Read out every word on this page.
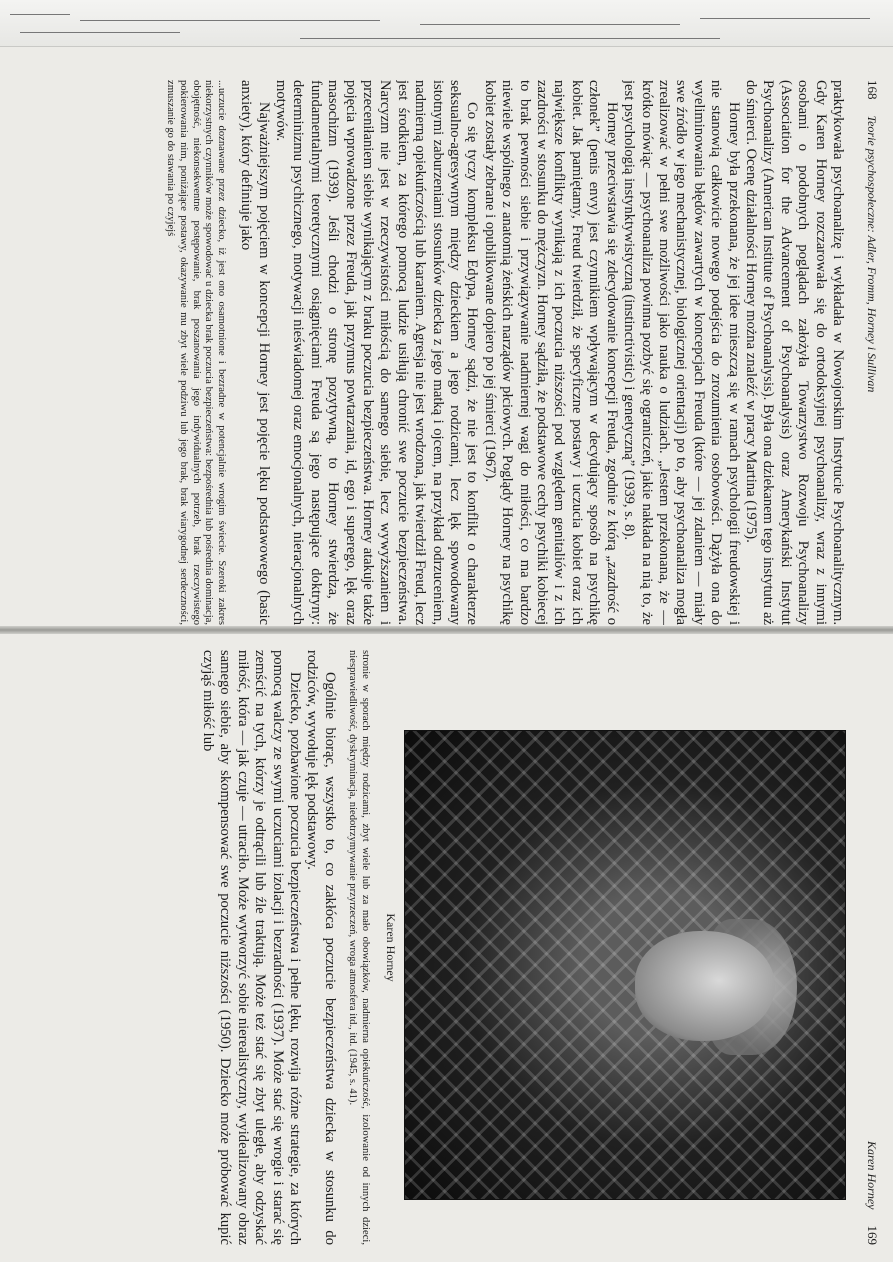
168
Teorie psychospołeczne: Adler, Fromm, Horney i Sullivan

praktykowała psychoanalizę i wykładała w Nowojorskim Instytucie Psychoanalitycznym. Gdy Karen Horney rozczarowała się do ortodoksyjnej psychoanalizy, wraz z innymi osobami o podobnych poglądach założyła Towarzystwo Rozwoju Psychoanalizy (Association for the Advancement of Psychoanalysis) oraz Amerykański Instytut Psychoanalizy (American Institute of Psychoanalysis). Była ona dziekanem tego instytutu aż do śmierci. Ocenę działalności Horney można znaleźć w pracy Martina (1975).

Horney była przekonana, że jej idee mieszczą się w ramach psychologii freudowskiej i nie stanowią całkowicie nowego podejścia do zrozumienia osobowości. Dążyła ona do wyeliminowania błędów zawartych w koncepcjach Freuda (które — jej zdaniem — miały swe źródło w jego mechanistycznej, biologicznej orientacji) po to, aby psychoanaliza mogła zrealizować w pełni swe możliwości jako nauka o ludziach. „Jestem przekonana, że — krótko mówiąc — psychoanaliza powinna pozbyć się ograniczeń, jakie nakłada na nią to, że jest psychologią instynktywistyczną (instinctivistic) i genetyczną” (1939, s. 8).

Horney przeciwstawia się zdecydowanie koncepcji Freuda, zgodnie z którą „zazdrość o członek” (penis envy) jest czynnikiem wpływającym w decydujący sposób na psychikę kobiet. Jak pamiętamy, Freud twierdził, że specyficzne postawy i uczucia kobiet oraz ich największe konflikty wynikają z ich poczucia niższości pod względem genitaliów i z ich zazdrości w stosunku do mężczyzn. Horney sądziła, że podstawowe cechy psychiki kobiecej to brak pewności siebie i przywiązywanie nadmiernej wagi do miłości, co ma bardzo niewiele wspólnego z anatomią żeńskich narządów płciowych. Poglądy Horney na psychikę kobiet zostały zebrane i opublikowane dopiero po jej śmierci (1967).

Co się tyczy kompleksu Edypa, Horney sądzi, że nie jest to konflikt o charakterze seksualno-agresywnym między dzieckiem a jego rodzicami, lecz lęk spowodowany istotnymi zaburzeniami stosunków dziecka z jego matką i ojcem, na przykład odrzuceniem, nadmierną opiekuńczością lub karaniem. Agresja nie jest wrodzona, jak twierdził Freud, lecz jest środkiem, za którego pomocą ludzie usiłują chronić swe poczucie bezpieczeństwa. Narcyzm nie jest w rzeczywistości miłością do samego siebie, lecz wywyższaniem i przeceniłaniem siebie wynikającym z braku poczucia bezpieczeństwa. Horney atakuje także pojęcia wprowadzone przez Freuda, jak przymus powtarzania, id, ego i superego, lęk oraz masochizm (1939). Jeśli chodzi o stronę pozytywną, to Horney stwierdza, że fundamentalnymi teoretycznymi osiągnięciami Freuda są jego następujące doktryny: determinizmu psychicznego, motywacji nieświadomej oraz emocjonalnych, nieracjonalnych motywów.

Najważniejszym pojęciem w koncepcji Horney jest pojęcie lęku podstawowego (basic anxiety), który definiuje jako

...uczucie doznawane przez dziecko, iż jest ono osamotnione i bezradne w potencjalnie wrogim świecie. Szeroki zakres niekorzystnych czynników może spowodować u dziecka brak poczucia bezpieczeństwa: bezpośrednia lub pośrednia dominacja, obojętność, niekonsekwentne postępowanie, brak poszanowania jego indywidualnych potrzeb, brak rzeczywistego pokierowania nim, poniżające postawy, okazywanie mu zbyt wiele podziwu lub jego brak, brak wiarygodnej serdeczności, zmuszanie go do stawania po czyjejś
Karen Horney
169
Karen Horney
stronie w sporach między rodzicami, zbyt wiele lub za mało obowiązków, nadmierna opiekuńczość, izolowanie od innych dzieci, niesprawiedliwość, dyskryminacja, niedotrzymywanie przyrzeczeń, wroga atmosfera itd., itd. (1945, s. 41).

Ogólnie biorąc, wszystko to, co zakłóca poczucie bezpieczeństwa dziecka w stosunku do rodziców, wywołuje lęk podstawowy.

Dziecko, pozbawione poczucia bezpieczeństwa i pełne lęku, rozwija różne strategie, za których pomocą walczy ze swymi uczuciami izolacji i bezradności (1937). Może stać się wrogie i starać się zemścić na tych, którzy je odtrącili lub źle traktują. Może też stać się zbyt uległe, aby odzyskać miłość, która — jak czuje — utraciło. Może wytworzyć sobie nierealistyczny, wyidealizowany obraz samego siebie, aby skompensować swe poczucie niższości (1950). Dziecko może próbować kupić czyjąś miłość lub
